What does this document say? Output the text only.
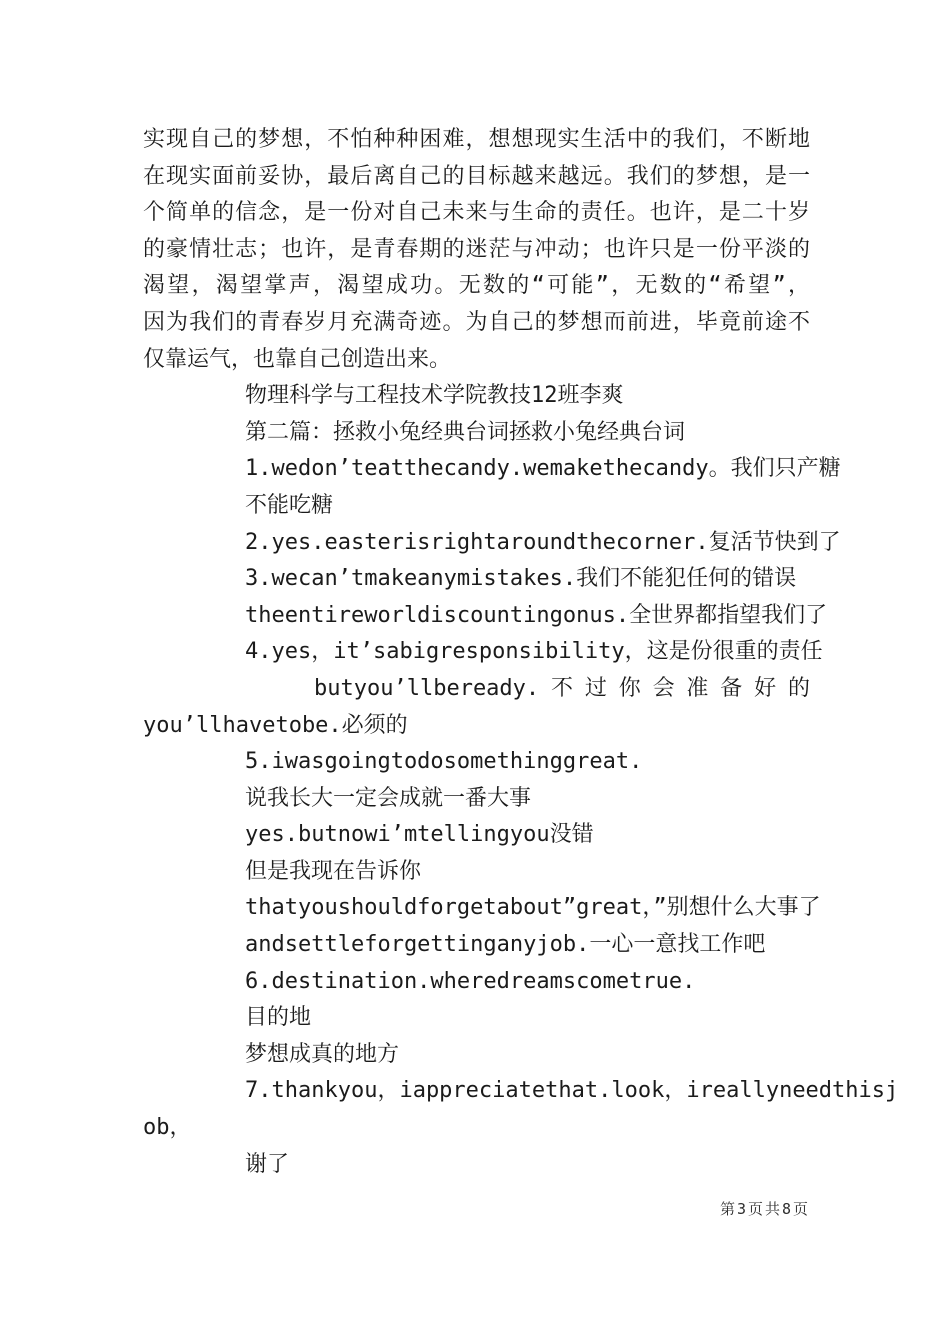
实现自己的梦想，不怕种种困难，想想现实生活中的我们，不断地
在现实面前妥协，最后离自己的目标越来越远。我们的梦想，是一
个简单的信念，是一份对自己未来与生命的责任。也许，是二十岁
的豪情壮志；也许，是青春期的迷茫与冲动；也许只是一份平淡的
渴望，渴望掌声，渴望成功。无数的“可能”，无数的“希望”，
因为我们的青春岁月充满奇迹。为自己的梦想而前进，毕竟前途不
仅靠运气，也靠自己创造出来。
物理科学与工程技术学院教技12班李爽
第二篇：拯救小兔经典台词拯救小兔经典台词
1.wedon’teatthecandy.wemakethecandy。我们只产糖
不能吃糖
2.yes.easterisrightaroundthecorner.复活节快到了
3.wecan’tmakeanymistakes.我们不能犯任何的错误
theentireworldiscountingonus.全世界都指望我们了
4.yes，it’sabigresponsibility，这是份很重的责任
butyou’llbeready.不过你会准备好的
you’llhavetobe.必须的
5.iwasgoingtodosomethinggreat.
说我长大一定会成就一番大事
yes.butnowi’mtellingyou没错
但是我现在告诉你
thatyoushouldforgetabout”great，”别想什么大事了
andsettleforgettinganyjob.一心一意找工作吧
6.destination.wheredreamscometrue.
目的地
梦想成真的地方
7.thankyou，iappreciatethat.look，ireallyneedthisj
ob，
谢了
第3页共8页
